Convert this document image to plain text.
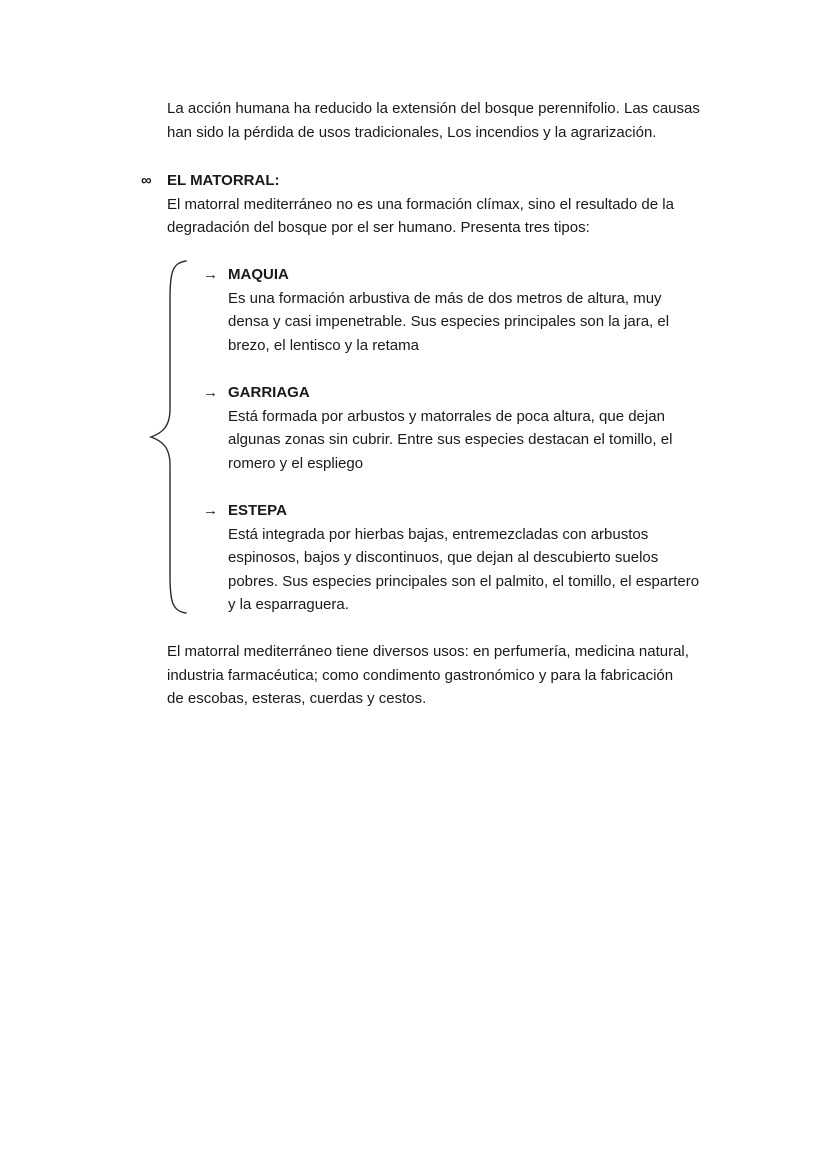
La acción humana ha reducido la extensión del bosque perennifolio. Las causas
han sido la pérdida de usos tradicionales, Los incendios y la agrarización.
∞ EL MATORRAL:
El matorral mediterráneo no es una formación clímax, sino el resultado de la
degradación del bosque por el ser humano. Presenta tres tipos:
→ MAQUIA
Es una formación arbustiva de más de dos metros de altura, muy
densa y casi impenetrable. Sus especies principales son la jara, el
brezo, el lentisco y la retama
→ GARRIAGA
Está formada por arbustos y matorrales de poca altura, que dejan
algunas zonas sin cubrir. Entre sus especies destacan el tomillo, el
romero y el espliego
→ ESTEPA
Está integrada por hierbas bajas, entremezcladas con arbustos
espinosos, bajos y discontinuos, que dejan al descubierto suelos
pobres. Sus especies principales son el palmito, el tomillo, el espartero
y la esparraguera.
El matorral mediterráneo tiene diversos usos: en perfumería, medicina natural,
industria farmacéutica; como condimento gastronómico y para la fabricación
de escobas, esteras, cuerdas y cestos.
